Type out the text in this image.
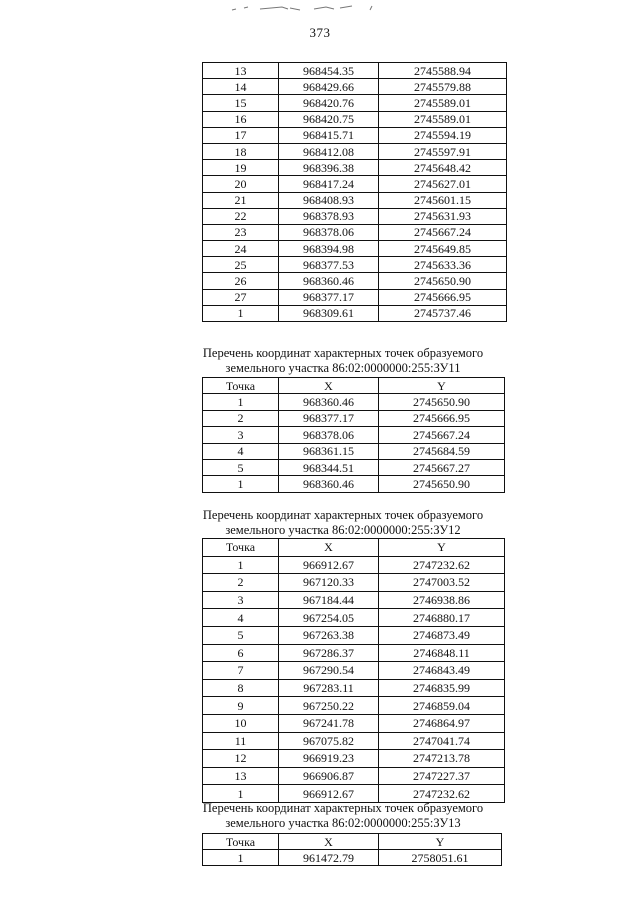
373
13	968454.35	2745588.94
14	968429.66	2745579.88
15	968420.76	2745589.01
16	968420.75	2745589.01
17	968415.71	2745594.19
18	968412.08	2745597.91
19	968396.38	2745648.42
20	968417.24	2745627.01
21	968408.93	2745601.15
22	968378.93	2745631.93
23	968378.06	2745667.24
24	968394.98	2745649.85
25	968377.53	2745633.36
26	968360.46	2745650.90
27	968377.17	2745666.95
1	968309.61	2745737.46
Перечень координат характерных точек образуемого
земельного участка 86:02:0000000:255:ЗУ11
Точка	X	Y
1	968360.46	2745650.90
2	968377.17	2745666.95
3	968378.06	2745667.24
4	968361.15	2745684.59
5	968344.51	2745667.27
1	968360.46	2745650.90
Перечень координат характерных точек образуемого
земельного участка 86:02:0000000:255:ЗУ12
Точка	X	Y
1	966912.67	2747232.62
2	967120.33	2747003.52
3	967184.44	2746938.86
4	967254.05	2746880.17
5	967263.38	2746873.49
6	967286.37	2746848.11
7	967290.54	2746843.49
8	967283.11	2746835.99
9	967250.22	2746859.04
10	967241.78	2746864.97
11	967075.82	2747041.74
12	966919.23	2747213.78
13	966906.87	2747227.37
1	966912.67	2747232.62
Перечень координат характерных точек образуемого
земельного участка 86:02:0000000:255:ЗУ13
Точка	X	Y
1	961472.79	2758051.61
